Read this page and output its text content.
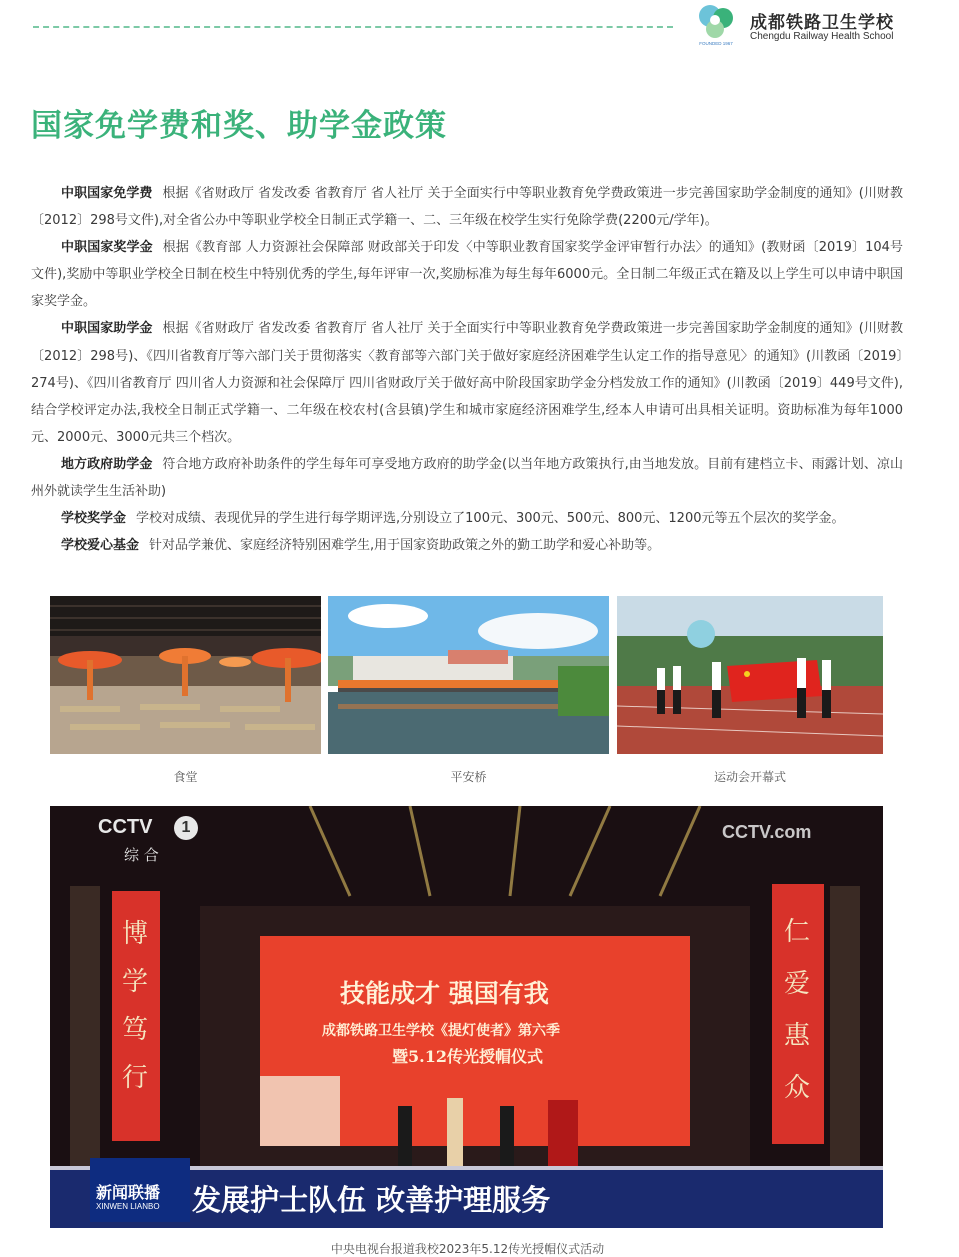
FOUNDED 1967
成都铁路卫生学校
Chengdu Railway Health School
国家免学费和奖、助学金政策

中职国家免学费 根据《省财政厅 省发改委 省教育厅 省人社厅 关于全面实行中等职业教育免学费政策进一步完善国家助学金制度的通知》(川财教〔2012〕298号文件),对全省公办中等职业学校全日制正式学籍一、二、三年级在校学生实行免除学费(2200元/学年)。

中职国家奖学金 根据《教育部 人力资源社会保障部 财政部关于印发〈中等职业教育国家奖学金评审暂行办法〉的通知》(教财函〔2019〕104号文件),奖励中等职业学校全日制在校生中特别优秀的学生,每年评审一次,奖励标准为每生每年6000元。全日制二年级正式在籍及以上学生可以申请中职国家奖学金。

中职国家助学金 根据《省财政厅 省发改委 省教育厅 省人社厅 关于全面实行中等职业教育免学费政策进一步完善国家助学金制度的通知》(川财教〔2012〕298号)、《四川省教育厅等六部门关于贯彻落实〈教育部等六部门关于做好家庭经济困难学生认定工作的指导意见〉的通知》(川教函〔2019〕274号)、《四川省教育厅 四川省人力资源和社会保障厅 四川省财政厅关于做好高中阶段国家助学金分档发放工作的通知》(川教函〔2019〕449号文件),结合学校评定办法,我校全日制正式学籍一、二年级在校农村(含县镇)学生和城市家庭经济困难学生,经本人申请可出具相关证明。资助标准为每年1000元、2000元、3000元共三个档次。

地方政府助学金 符合地方政府补助条件的学生每年可享受地方政府的助学金(以当年地方政策执行,由当地发放。目前有建档立卡、雨露计划、凉山州外就读学生生活补助)

学校奖学金 学校对成绩、表现优异的学生进行每学期评选,分别设立了100元、300元、500元、800元、1200元等五个层次的奖学金。

学校爱心基金 针对品学兼优、家庭经济特别困难学生,用于国家资助政策之外的勤工助学和爱心补助等。

食堂	平安桥	运动会开幕式
CCTV	1
综 合
CCTV.com
博
学
笃
行
仁
爱
惠
众
技能成才 强国有我
成都铁路卫生学校《提灯使者》第六季
暨5.12传光授帽仪式
新闻联播
XINWEN LIANBO 发展护士队伍 改善护理服务
中央电视台报道我校2023年5.12传光授帽仪式活动
